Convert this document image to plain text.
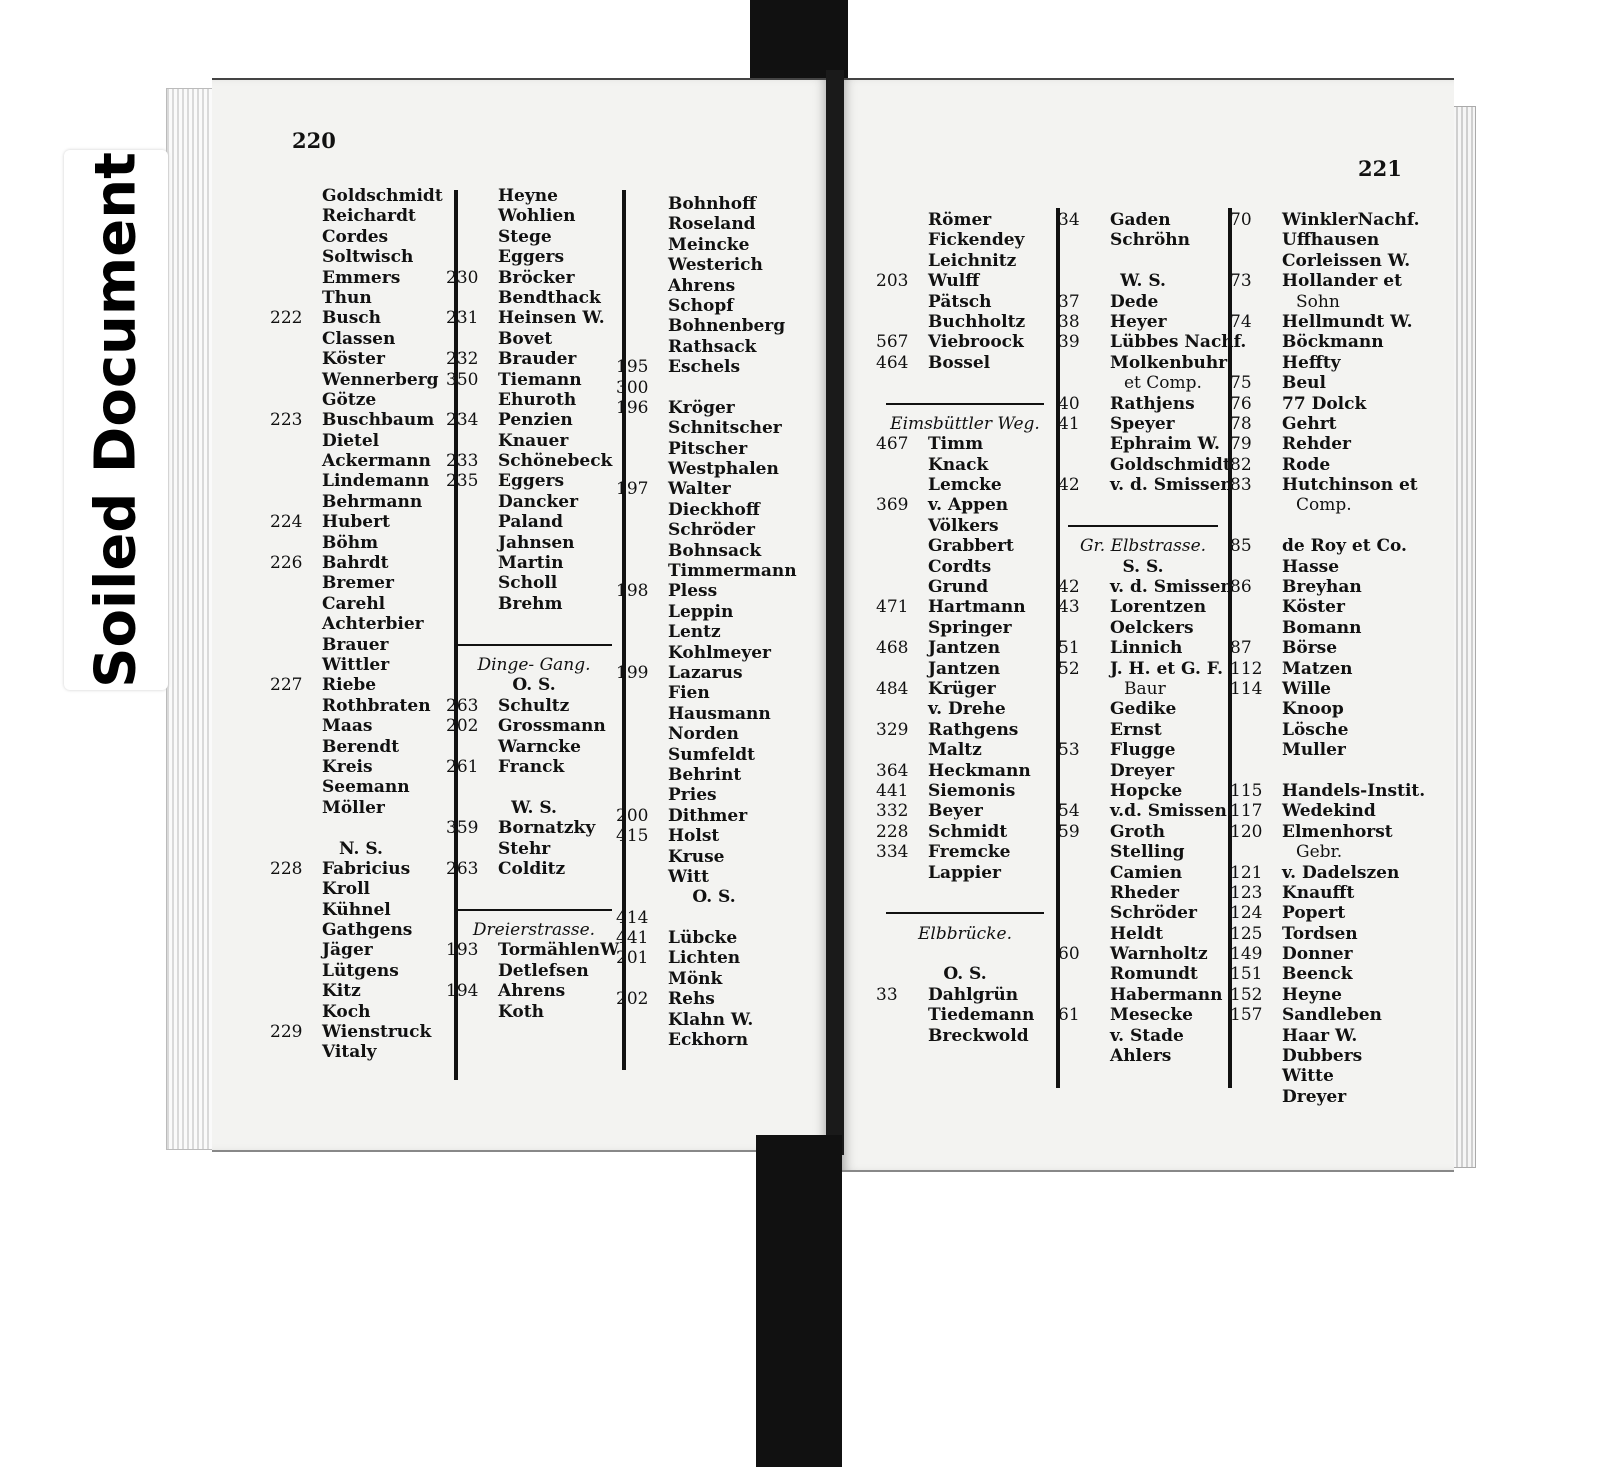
Soiled Document
220
221
Goldschmidt
Reichardt
Cordes
Soltwisch
Emmers
Thun
222	Busch
Classen
Köster
Wennerberg
Götze
223	Buschbaum
Dietel
Ackermann
Lindemann
Behrmann
224	Hubert
Böhm
226	Bahrdt
Bremer
Carehl
Achterbier
Brauer
Wittler
227	Riebe
Rothbraten
Maas
Berendt
Kreis
Seemann
Möller
N. S.
228	Fabricius
Kroll
Kühnel
Gathgens
Jäger
Lütgens
Kitz
Koch
229	Wienstruck
Vitaly
Heyne
Wohlien
Stege
Eggers
230	Bröcker
Bendthack
231	Heinsen W.
Bovet
232	Brauder
350	Tiemann
Ehuroth
234	Penzien
Knauer
233	Schönebeck
235	Eggers
Dancker
Paland
Jahnsen
Martin
Scholl
Brehm
Dinge- Gang.
O. S.
263	Schultz
202	Grossmann
Warncke
261	Franck
W. S.
359	Bornatzky
Stehr
263	Colditz
Dreierstrasse.
193	TormählenW
Detlefsen
194	Ahrens
Koth
Bohnhoff
Roseland
Meincke
Westerich
Ahrens
Schopf
Bohnenberg
Rathsack
195	Eschels
300
196	Kröger
Schnitscher
Pitscher
Westphalen
197	Walter
Dieckhoff
Schröder
Bohnsack
Timmermann
198	Pless
Leppin
Lentz
Kohlmeyer
199	Lazarus
Fien
Hausmann
Norden
Sumfeldt
Behrint
Pries
200	Dithmer
415	Holst
Kruse
Witt
O. S.
414
441	Lübcke
201	Lichten
Mönk
202	Rehs
Klahn W.
Eckhorn
Römer
Fickendey
Leichnitz
203	Wulff
Pätsch
Buchholtz
567	Viebroock
464	Bossel
Eimsbüttler Weg.
467	Timm
Knack
Lemcke
369	v. Appen
Völkers
Grabbert
Cordts
Grund
471	Hartmann
Springer
468	Jantzen
Jantzen
484	Krüger
v. Drehe
329	Rathgens
Maltz
364	Heckmann
441	Siemonis
332	Beyer
228	Schmidt
334	Fremcke
Lappier
Elbbrücke.
O. S.
33	Dahlgrün
Tiedemann
Breckwold
34	Gaden
Schröhn
W. S.
37	Dede
38	Heyer
39	Lübbes Nachf.
Molkenbuhr
et Comp.
40	Rathjens
41	Speyer
Ephraim W.
Goldschmidt
42	v. d. Smissen
Gr. Elbstrasse.
S. S.
42	v. d. Smissen
43	Lorentzen
Oelckers
51	Linnich
52	J. H. et G. F.
Baur
Gedike
Ernst
53	Flugge
Dreyer
Hopcke
54	v.d. Smissen
59	Groth
Stelling
Camien
Rheder
Schröder
Heldt
60	Warnholtz
Romundt
Habermann
61	Mesecke
v. Stade
Ahlers
70	WinklerNachf.
Uffhausen
Corleissen W.
73	Hollander et
Sohn
74	Hellmundt W.
Böckmann
Heffty
75	Beul
76	77 Dolck
78	Gehrt
79	Rehder
82	Rode
83	Hutchinson et
Comp.
85	de Roy et Co.
Hasse
86	Breyhan
Köster
Bomann
87	Börse
112	Matzen
114	Wille
Knoop
Lösche
Muller
115	Handels-Instit.
117	Wedekind
120	Elmenhorst
Gebr.
121	v. Dadelszen
123	Knaufft
124	Popert
125	Tordsen
149	Donner
151	Beenck
152	Heyne
157	Sandleben
Haar W.
Dubbers
Witte
Dreyer
